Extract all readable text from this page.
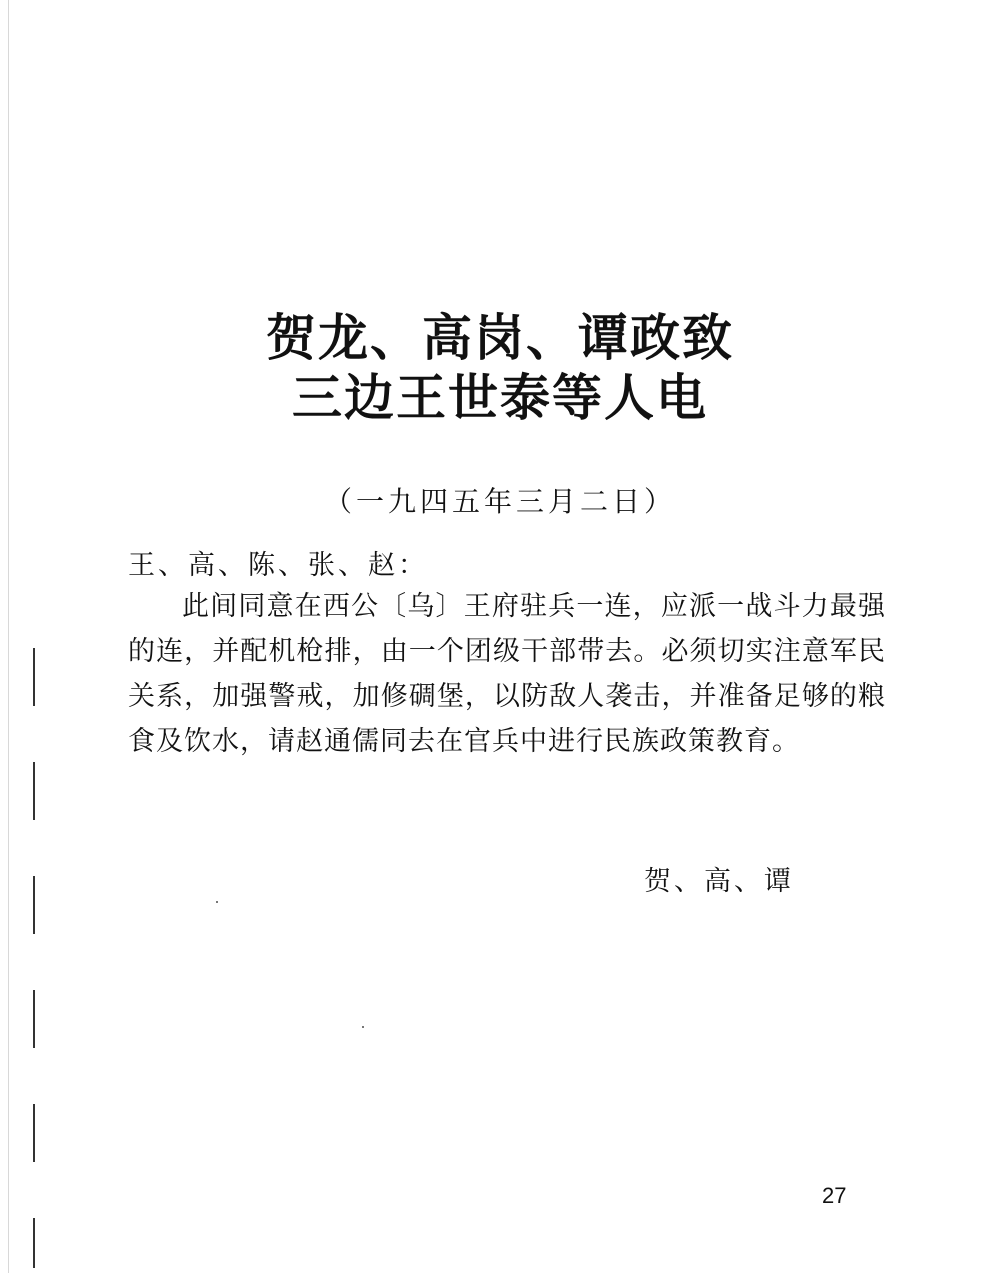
贺龙、高岗、谭政致
三边王世泰等人电
（一九四五年三月二日）
王、高、陈、张、赵：

此间同意在西公〔乌〕王府驻兵一连，应派一战斗力最强的连，并配机枪排，由一个团级干部带去。必须切实注意军民关系，加强警戒，加修碉堡，以防敌人袭击，并准备足够的粮食及饮水，请赵通儒同去在官兵中进行民族政策教育。

贺、高、谭
27
